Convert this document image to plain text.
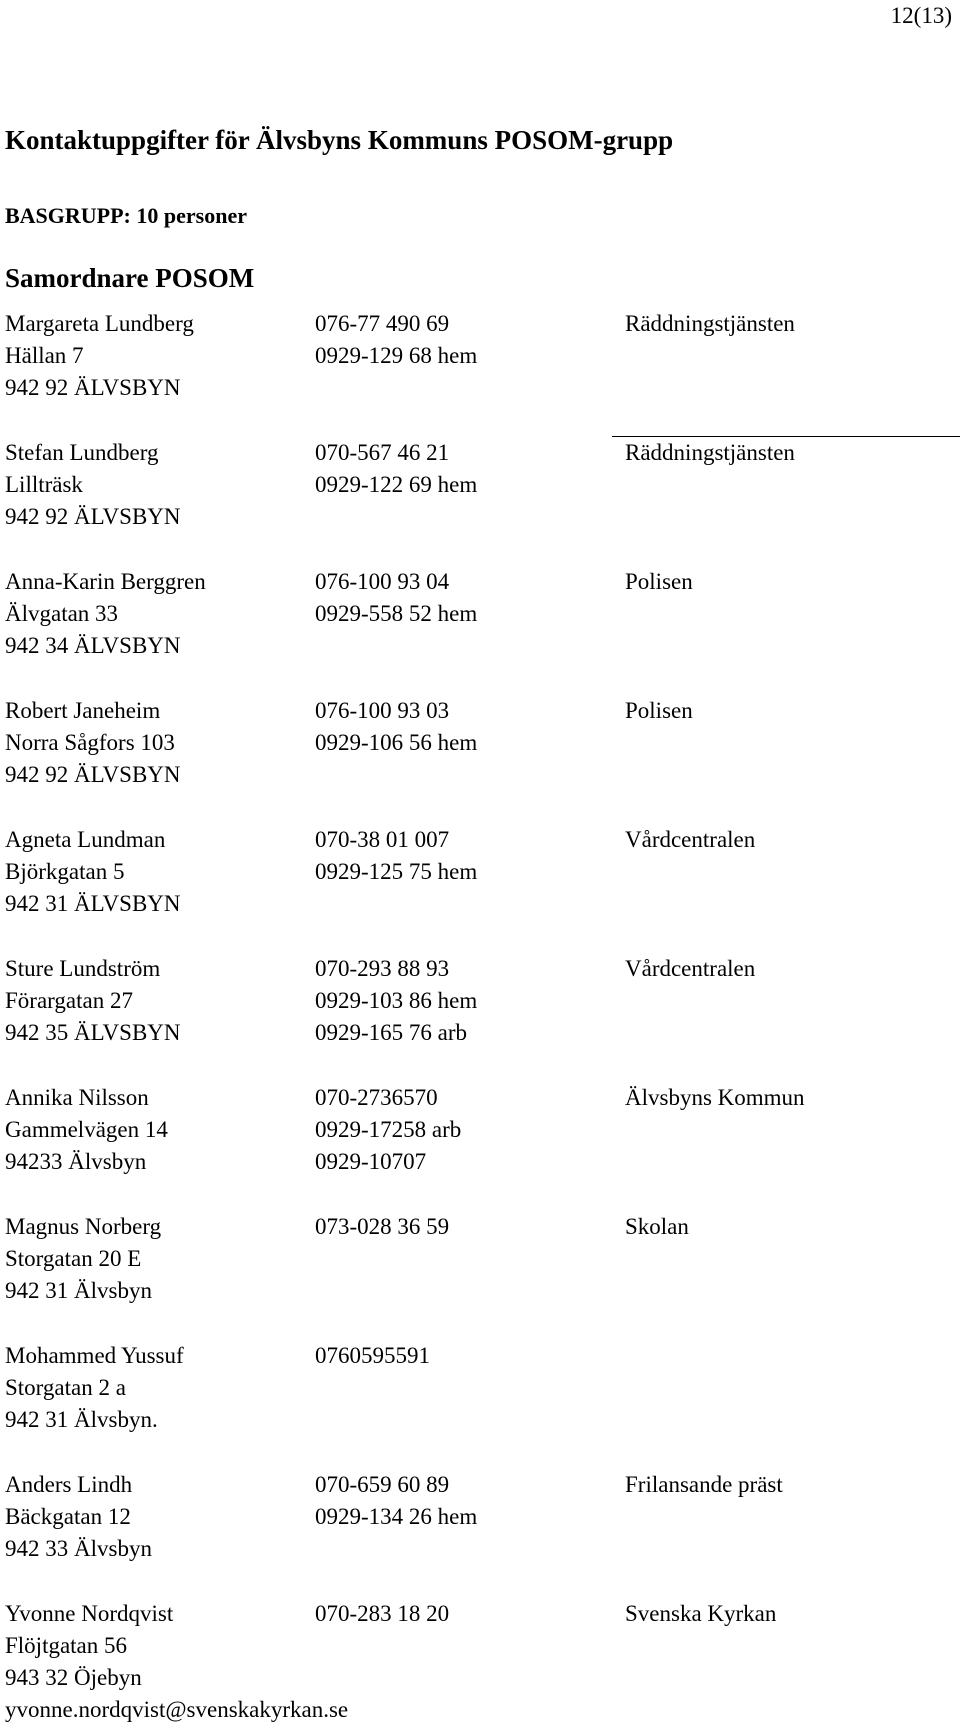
12(13)
Kontaktuppgifter för Älvsbyns Kommuns POSOM-grupp
BASGRUPP: 10 personer
Samordnare POSOM
Margareta Lundberg
Hällan 7
942 92 ÄLVSBYN
076-77 490 69
0929-129 68 hem
Räddningstjänsten
Stefan Lundberg
Lillträsk
942 92 ÄLVSBYN
070-567 46 21
0929-122 69 hem
Räddningstjänsten
Anna-Karin Berggren
Älvgatan 33
942 34 ÄLVSBYN
076-100 93 04
0929-558 52 hem
Polisen
Robert Janeheim
Norra Sågfors 103
942 92 ÄLVSBYN
076-100 93 03
0929-106 56 hem
Polisen
Agneta Lundman
Björkgatan 5
942 31 ÄLVSBYN
070-38 01 007
0929-125 75 hem
Vårdcentralen
Sture Lundström
Förargatan 27
942 35 ÄLVSBYN
070-293 88 93
0929-103 86 hem
0929-165 76 arb
Vårdcentralen
Annika Nilsson
Gammelvägen 14
94233 Älvsbyn
070-2736570
0929-17258 arb
0929-10707
Älvsbyns Kommun
Magnus Norberg
Storgatan 20 E
942 31 Älvsbyn
073-028 36 59	Skolan
Mohammed Yussuf
Storgatan 2 a
942 31 Älvsbyn.
0760595591
Anders Lindh
Bäckgatan 12
942 33 Älvsbyn
070-659 60 89
0929-134 26 hem
Frilansande präst
Yvonne Nordqvist
Flöjtgatan 56
943 32 Öjebyn
yvonne.nordqvist@svenskakyrkan.se
070-283 18 20	Svenska Kyrkan
